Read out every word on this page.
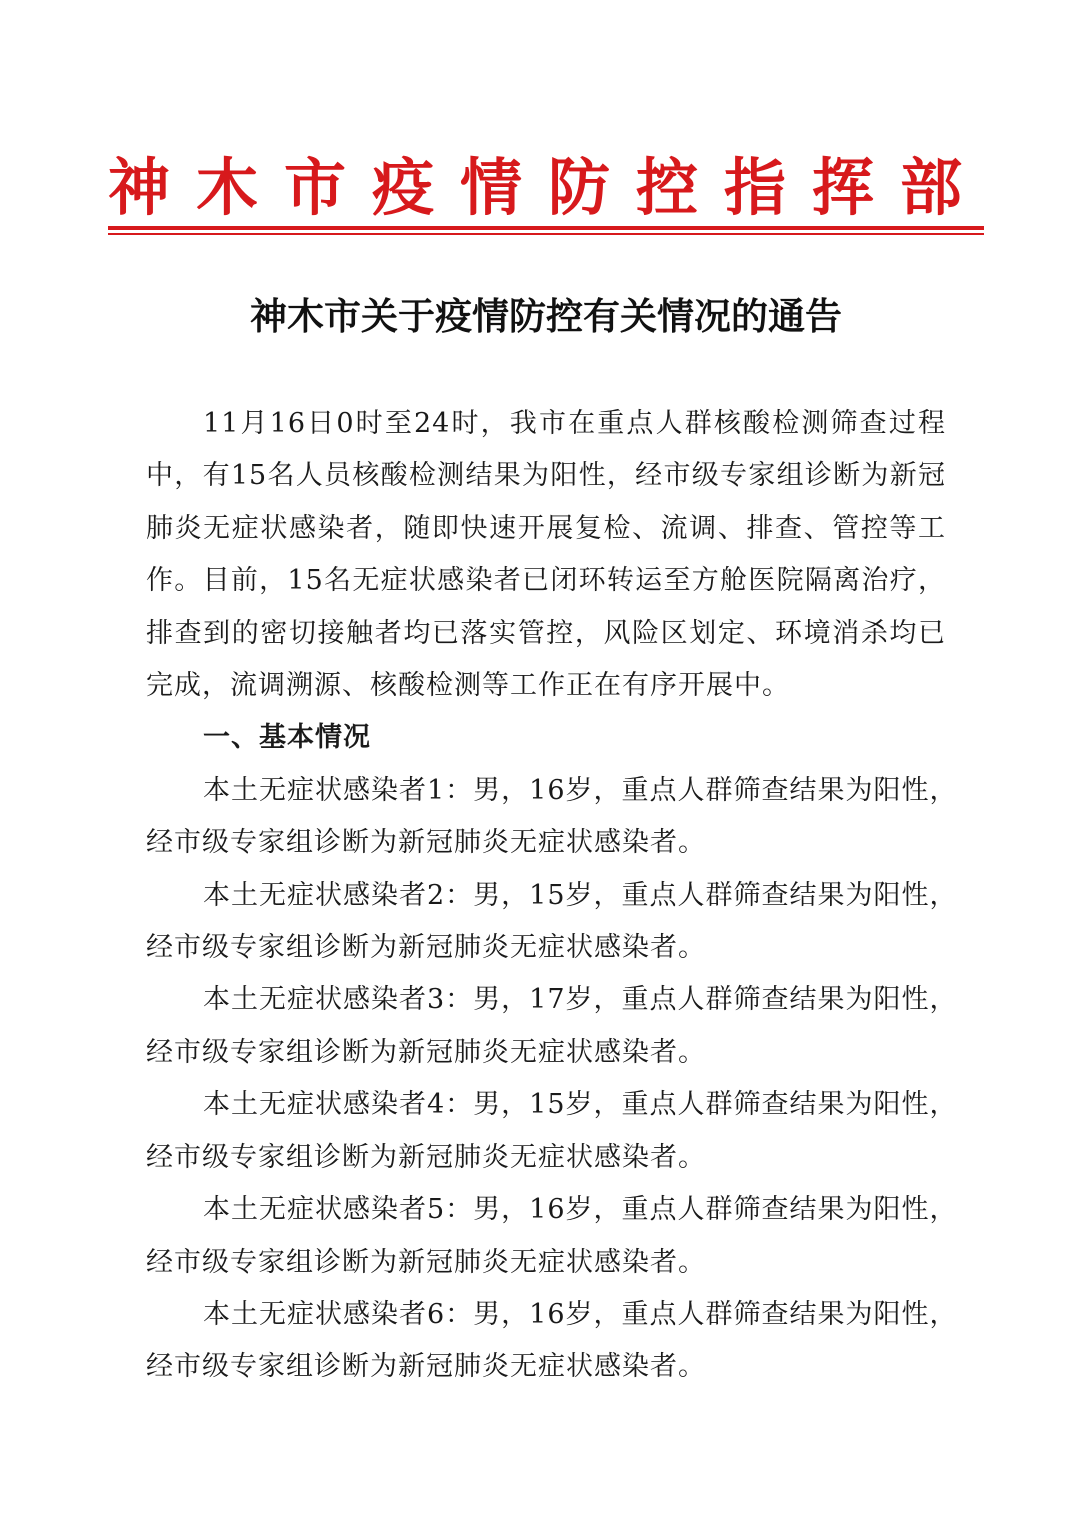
神木市疫情防控指挥部
神木市关于疫情防控有关情况的通告

11月16日0时至24时，我市在重点人群核酸检测筛查过程中，有15名人员核酸检测结果为阳性，经市级专家组诊断为新冠肺炎无症状感染者，随即快速开展复检、流调、排查、管控等工作。目前，15名无症状感染者已闭环转运至方舱医院隔离治疗，排查到的密切接触者均已落实管控，风险区划定、环境消杀均已完成，流调溯源、核酸检测等工作正在有序开展中。

一、基本情况

本土无症状感染者1：男，16岁，重点人群筛查结果为阳性，
经市级专家组诊断为新冠肺炎无症状感染者。
本土无症状感染者2：男，15岁，重点人群筛查结果为阳性，
经市级专家组诊断为新冠肺炎无症状感染者。
本土无症状感染者3：男，17岁，重点人群筛查结果为阳性，
经市级专家组诊断为新冠肺炎无症状感染者。
本土无症状感染者4：男，15岁，重点人群筛查结果为阳性，
经市级专家组诊断为新冠肺炎无症状感染者。
本土无症状感染者5：男，16岁，重点人群筛查结果为阳性，
经市级专家组诊断为新冠肺炎无症状感染者。
本土无症状感染者6：男，16岁，重点人群筛查结果为阳性，
经市级专家组诊断为新冠肺炎无症状感染者。
